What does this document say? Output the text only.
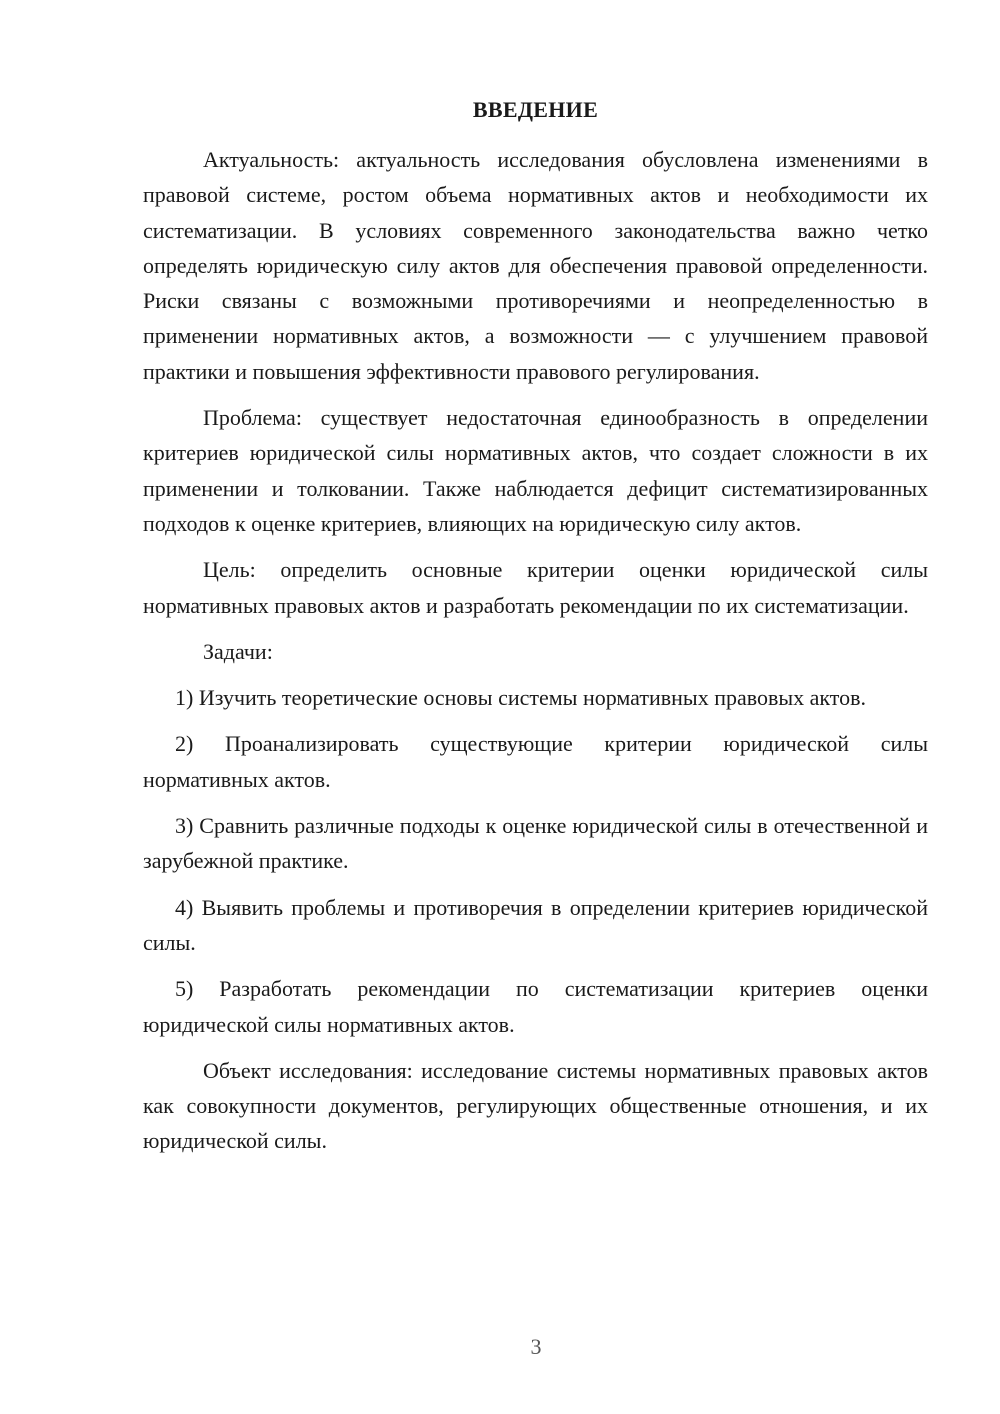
ВВЕДЕНИЕ

Актуальность: актуальность исследования обусловлена изменениями в правовой системе, ростом объема нормативных актов и необходимости их систематизации. В условиях современного законодательства важно четко определять юридическую силу актов для обеспечения правовой определенности. Риски связаны с возможными противоречиями и неопределенностью в применении нормативных актов, а возможности — с улучшением правовой практики и повышения эффективности правового регулирования.

Проблема: существует недостаточная единообразность в определении критериев юридической силы нормативных актов, что создает сложности в их применении и толковании. Также наблюдается дефицит систематизированных подходов к оценке критериев, влияющих на юридическую силу актов.

Цель: определить основные критерии оценки юридической силы нормативных правовых актов и разработать рекомендации по их систематизации.

Задачи:

1) Изучить теоретические основы системы нормативных правовых актов.

2) Проанализировать существующие критерии юридической силы нормативных актов.

3) Сравнить различные подходы к оценке юридической силы в отечественной и зарубежной практике.

4) Выявить проблемы и противоречия в определении критериев юридической силы.

5) Разработать рекомендации по систематизации критериев оценки юридической силы нормативных актов.

Объект исследования: исследование системы нормативных правовых актов как совокупности документов, регулирующих общественные отношения, и их юридической силы.

3
